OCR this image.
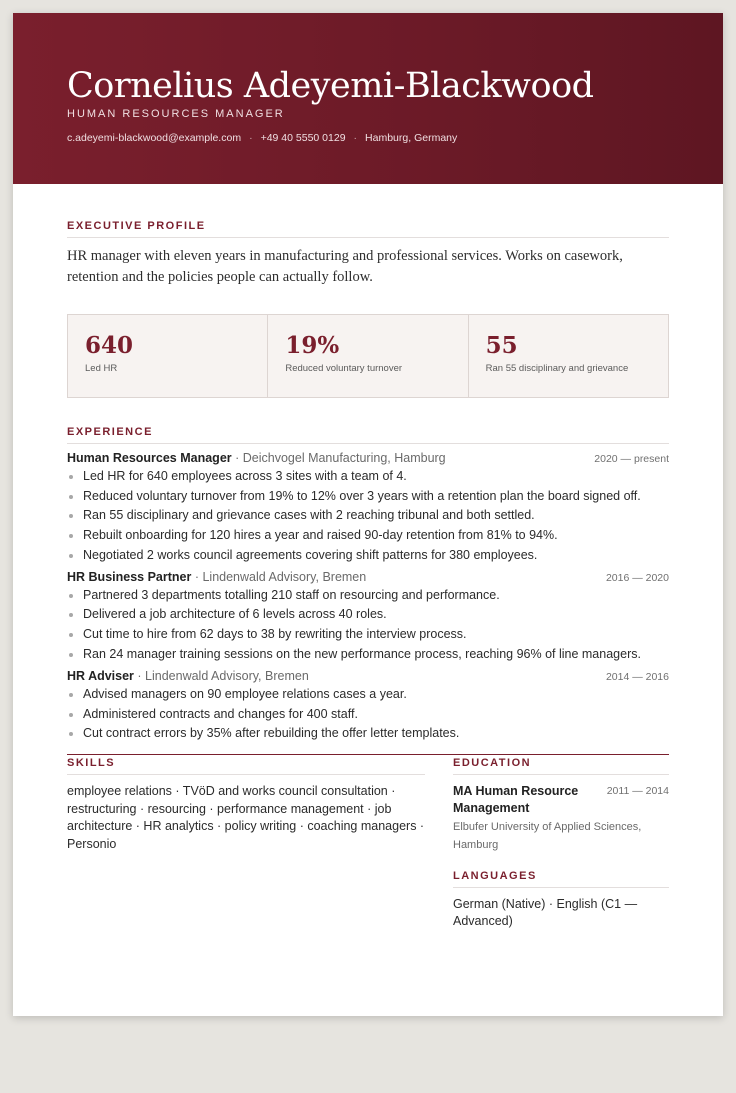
Cornelius Adeyemi-Blackwood
HUMAN RESOURCES MANAGER
c.adeyemi-blackwood@example.com · +49 40 5550 0129 · Hamburg, Germany
EXECUTIVE PROFILE
HR manager with eleven years in manufacturing and professional services. Works on casework, retention and the policies people can actually follow.
640
Led HR
19%
Reduced voluntary turnover
55
Ran 55 disciplinary and grievance
EXPERIENCE
Human Resources Manager · Deichvogel Manufacturing, Hamburg	2020 — present
Led HR for 640 employees across 3 sites with a team of 4.
Reduced voluntary turnover from 19% to 12% over 3 years with a retention plan the board signed off.
Ran 55 disciplinary and grievance cases with 2 reaching tribunal and both settled.
Rebuilt onboarding for 120 hires a year and raised 90-day retention from 81% to 94%.
Negotiated 2 works council agreements covering shift patterns for 380 employees.
HR Business Partner · Lindenwald Advisory, Bremen	2016 — 2020
Partnered 3 departments totalling 210 staff on resourcing and performance.
Delivered a job architecture of 6 levels across 40 roles.
Cut time to hire from 62 days to 38 by rewriting the interview process.
Ran 24 manager training sessions on the new performance process, reaching 96% of line managers.
HR Adviser · Lindenwald Advisory, Bremen	2014 — 2016
Advised managers on 90 employee relations cases a year.
Administered contracts and changes for 400 staff.
Cut contract errors by 35% after rebuilding the offer letter templates.
SKILLS
employee relations · TVöD and works council consultation · restructuring · resourcing · performance management · job architecture · HR analytics · policy writing · coaching managers · Personio
EDUCATION
MA Human Resource Management
2011 — 2014
Elbufer University of Applied Sciences, Hamburg
LANGUAGES
German (Native) · English (C1 — Advanced)
